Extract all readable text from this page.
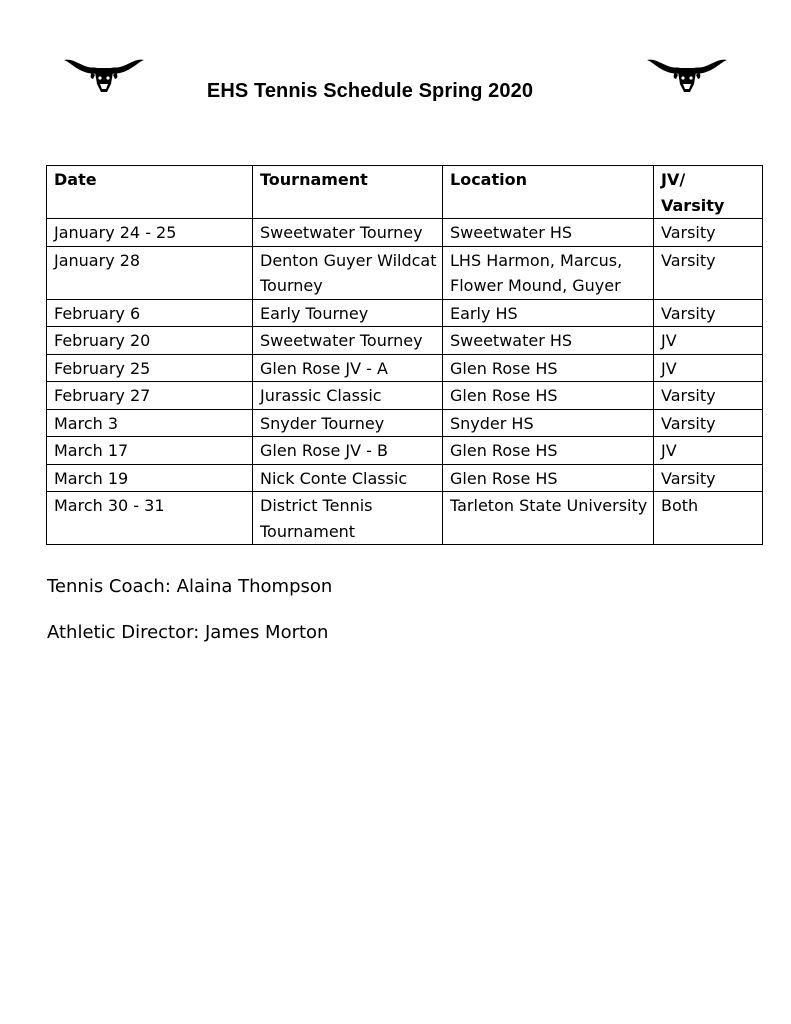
EHS Tennis Schedule Spring 2020
Date	Tournament	Location	JV/ Varsity
January 24 - 25	Sweetwater Tourney	Sweetwater HS	Varsity
January 28	Denton Guyer Wildcat Tourney	LHS Harmon, Marcus, Flower Mound, Guyer	Varsity
February 6	Early Tourney	Early HS	Varsity
February 20	Sweetwater Tourney	Sweetwater HS	JV
February 25	Glen Rose JV - A	Glen Rose HS	JV
February 27	Jurassic Classic	Glen Rose HS	Varsity
March 3	Snyder Tourney	Snyder HS	Varsity
March 17	Glen Rose JV - B	Glen Rose HS	JV
March 19	Nick Conte Classic	Glen Rose HS	Varsity
March 30 - 31	District Tennis Tournament	Tarleton State University	Both
Tennis Coach: Alaina Thompson
Athletic Director: James Morton
